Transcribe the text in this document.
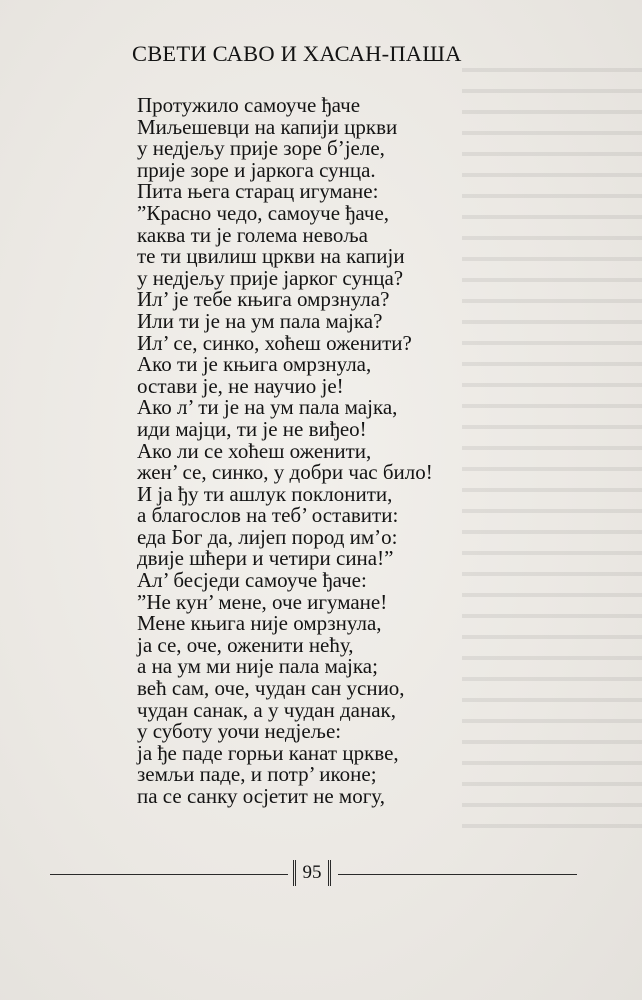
СВЕТИ САВО И ХАСАН-ПАША
Протужило самоуче ђаче
Миљешевци на капији цркви
у недјељу прије зоре б’јеле,
прије зоре и јаркога сунца.
Пита њега старац игумане:
”Красно чедо, самоуче ђаче,
каква ти је голема невоља
те ти цвилиш цркви на капији
у недјељу прије јарког сунца?
Ил’ је тебе књига омрзнула?
Или ти је на ум пала мајка?
Ил’ се, синко, хоћеш оженити?
Ако ти је књига омрзнула,
остави је, не научио је!
Ако л’ ти је на ум пала мајка,
иди мајци, ти је не виђео!
Ако ли се хоћеш оженити,
жен’ се, синко, у добри час било!
И ја ђу ти ашлук поклонити,
а благослов на теб’ оставити:
еда Бог да, лијеп пород им’о:
двије шћери и четири сина!”
Ал’ бесједи самоуче ђаче:
”Не кун’ мене, оче игумане!
Мене књига није омрзнула,
ја се, оче, оженити нећу,
а на ум ми није пала мајка;
већ сам, оче, чудан сан уснио,
чудан санак, а у чудан данак,
у суботу уочи недјеље:
ја ђе паде горњи канат цркве,
земљи паде, и потр’ иконе;
па се санку осјетит не могу,
95
